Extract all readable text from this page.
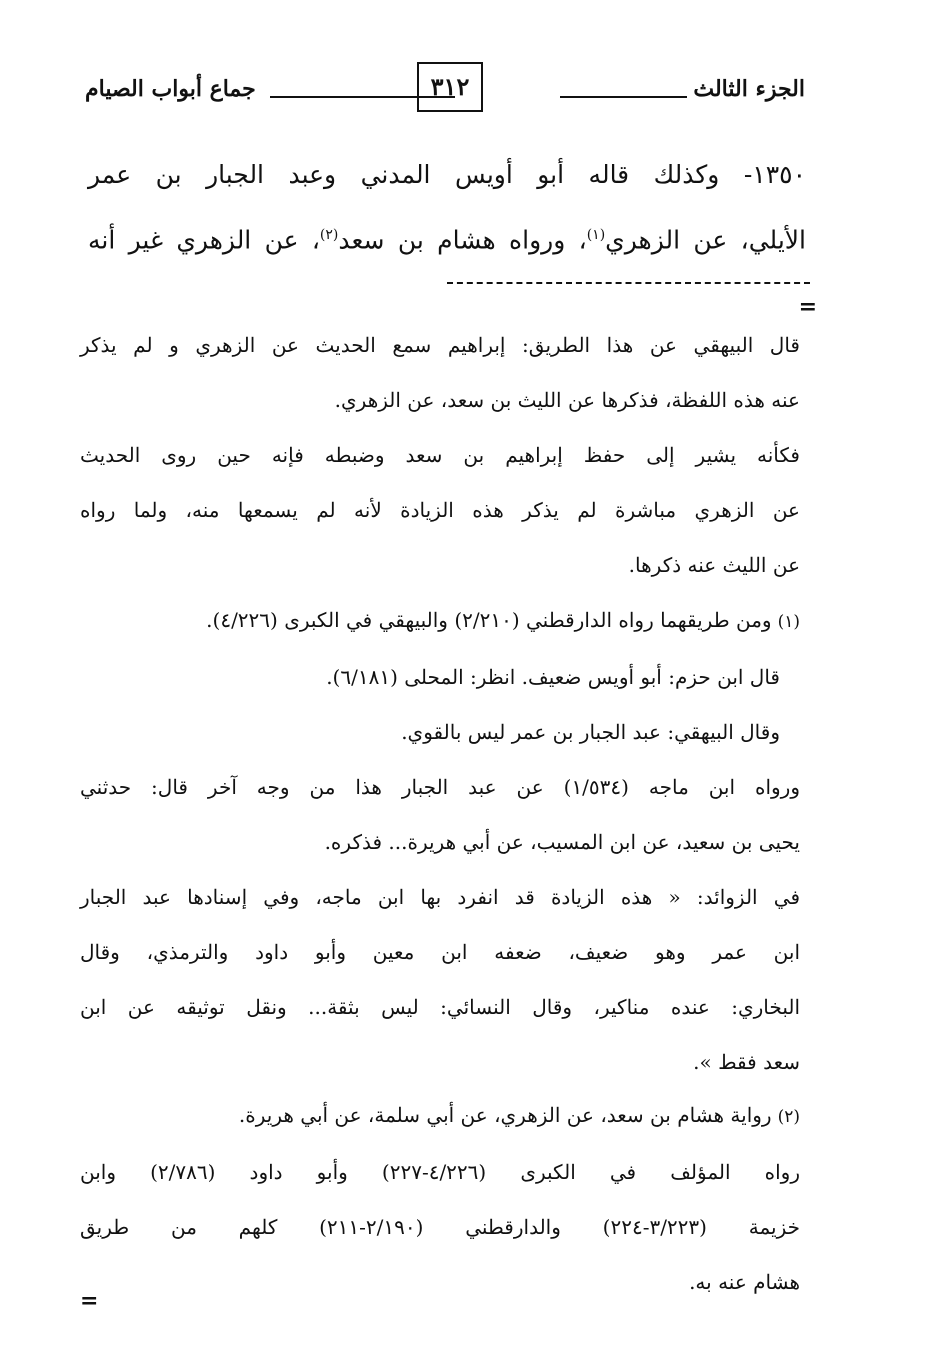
الجزء الثالث
٣١٢
جماع أبواب الصيام
١٣٥٠- وكذلك قاله أبو أويس المدني وعبد الجبار بن عمر
الأيلي، عن الزهري$^{(١)}$، ورواه هشام بن سعد$^{(٢)}$، عن الزهري غير أنه
=

قال البيهقي عن هذا الطريق: إبراهيم سمع الحديث عن الزهري و لم يذكر

عنه هذه اللفظة، فذكرها عن الليث بن سعد، عن الزهري.

فكأنه يشير إلى حفظ إبراهيم بن سعد وضبطه فإنه حين روى الحديث

عن الزهري مباشرة لم يذكر هذه الزيادة لأنه لم يسمعها منه، ولما رواه

عن الليث عنه ذكرها.

(١)ومن طريقهما رواه الدارقطني (٢/٢١٠) والبيهقي في الكبرى (٤/٢٢٦).

قال ابن حزم: أبو أويس ضعيف. انظر: المحلى (٦/١٨١).

وقال البيهقي: عبد الجبار بن عمر ليس بالقوي.

ورواه ابن ماجه (١/٥٣٤) عن عبد الجبار هذا من وجه آخر قال: حدثني

يحيى بن سعيد، عن ابن المسيب، عن أبي هريرة... فذكره.

في الزوائد: « هذه الزيادة قد انفرد بها ابن ماجه، وفي إسنادها عبد الجبار

ابن عمر وهو ضعيف، ضعفه ابن معين وأبو داود والترمذي، وقال

البخاري: عنده مناكير، وقال النسائي: ليس بثقة... ونقل توثيقه عن ابن

سعد فقط ».

(٢)رواية هشام بن سعد، عن الزهري، عن أبي سلمة، عن أبي هريرة.

رواه المؤلف في الكبرى (٤/٢٢٦-٢٢٧) وأبو داود (٢/٧٨٦) وابن

خزيمة (٣/٢٢٣-٢٢٤) والدارقطني (٢/١٩٠-٢١١) كلهم من طريق

هشام عنه به.

=
